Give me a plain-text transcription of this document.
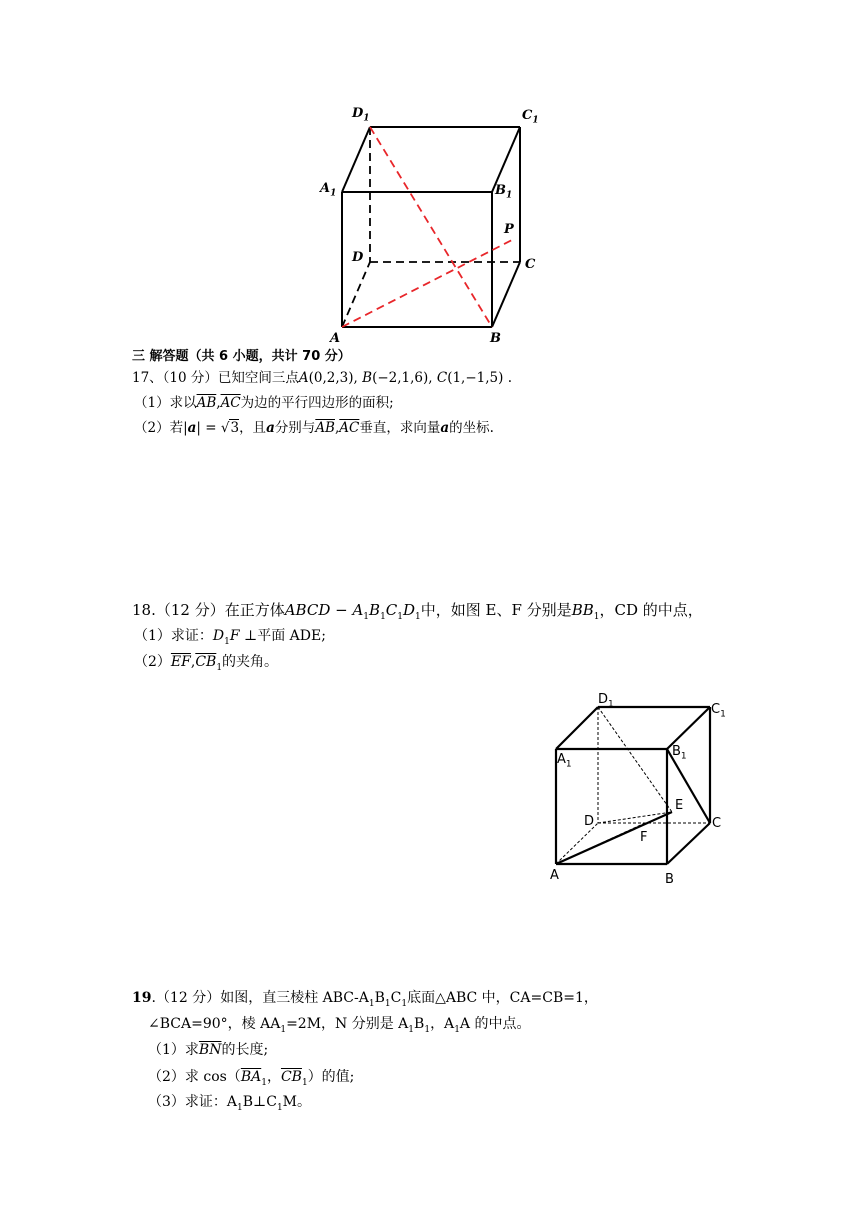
$D_1$	$C_1$
$A_1$	$B_1$
P
D	C
A	B
三 解答题（共 6 小题，共计 70 分）
17、（10 分）已知空间三点A(0,2,3), B(−2,1,6), C(1,−1,5) .
（1）求以$\overline{AB},\overline{AC}$为边的平行四边形的面积;
（2）若|a| = √3，且a分别与$\overline{AB},\overline{AC}$垂直，求向量a的坐标.
18.（12 分）在正方体ABCD − $A_1B_1C_1D_1$中，如图 E、F 分别是$BB_1$，CD 的中点，
（1）求证：$D_1F$ ⊥平面 ADE;
$(2)\overline{EF},\overline{CB}_1$的夹角。
$D_1$	$C_1$
$A_1$
$B_1$
E
D
F
C
A	B
19.（12 分）如图，直三棱柱 ABC-$A_1B_1C_1$底面△ABC 中，CA=CB=1，
∠BCA=90°，棱 $AA_1=2M$，N 分别是 $A_1B_1$，$A_1A$ 的中点。
（1）求$\overline{BN}$的长度;
（2）求 $\cos(\overline{BA}_1$，$\overline{CB}_1$）的值;
（3）求证：$A_1B\perp C_1M$。
